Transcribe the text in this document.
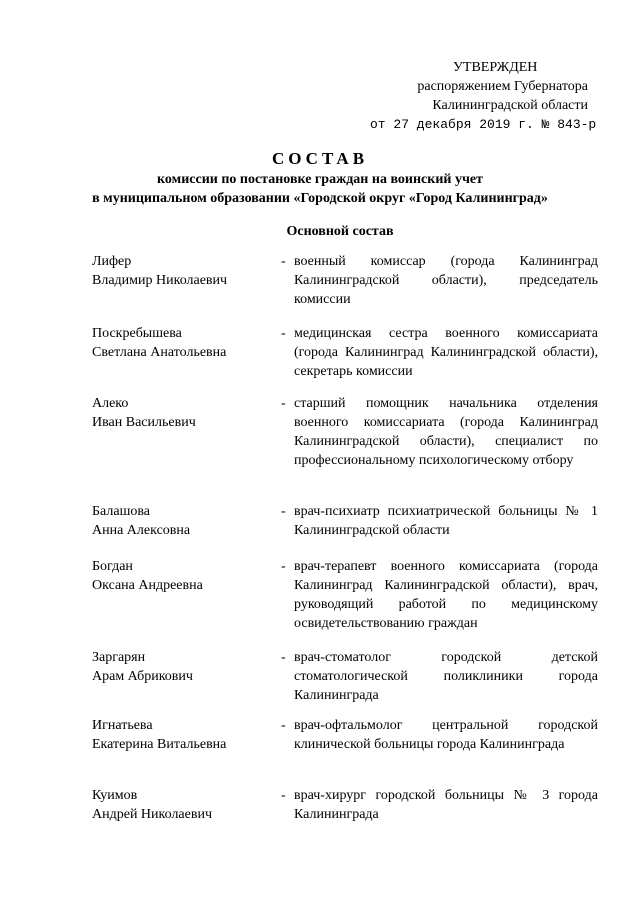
УТВЕРЖДЕН
распоряжением Губернатора
Калининградской области
от 27 декабря 2019 г. № 843-р
СОСТАВ
комиссии по постановке граждан на воинский учет
в муниципальном образовании «Городской округ «Город Калининград»
Основной состав
Лифер
Владимир Николаевич
- военный комиссар (города Калининград Калининградской области), председатель комиссии
Поскребышева
Светлана Анатольевна
- медицинская сестра военного комиссариата (города Калининград Калининградской области), секретарь комиссии
Алеко
Иван Васильевич
- старший помощник начальника отделения военного комиссариата (города Калининград Калининградской области), специалист по профессиональному психологическому отбору
Балашова
Анна Алексовна
- врач-психиатр психиатрической больницы № 1 Калининградской области
Богдан
Оксана Андреевна
- врач-терапевт военного комиссариата (города Калининград Калининградской области), врач, руководящий работой по медицинскому освидетельствованию граждан
Заргарян
Арам Абрикович
- врач-стоматолог городской детской стоматологической поликлиники города Калининграда
Игнатьева
Екатерина Витальевна
- врач-офтальмолог центральной городской клинической больницы города Калининграда
Куимов
Андрей Николаевич
- врач-хирург городской больницы № 3 города Калининграда
